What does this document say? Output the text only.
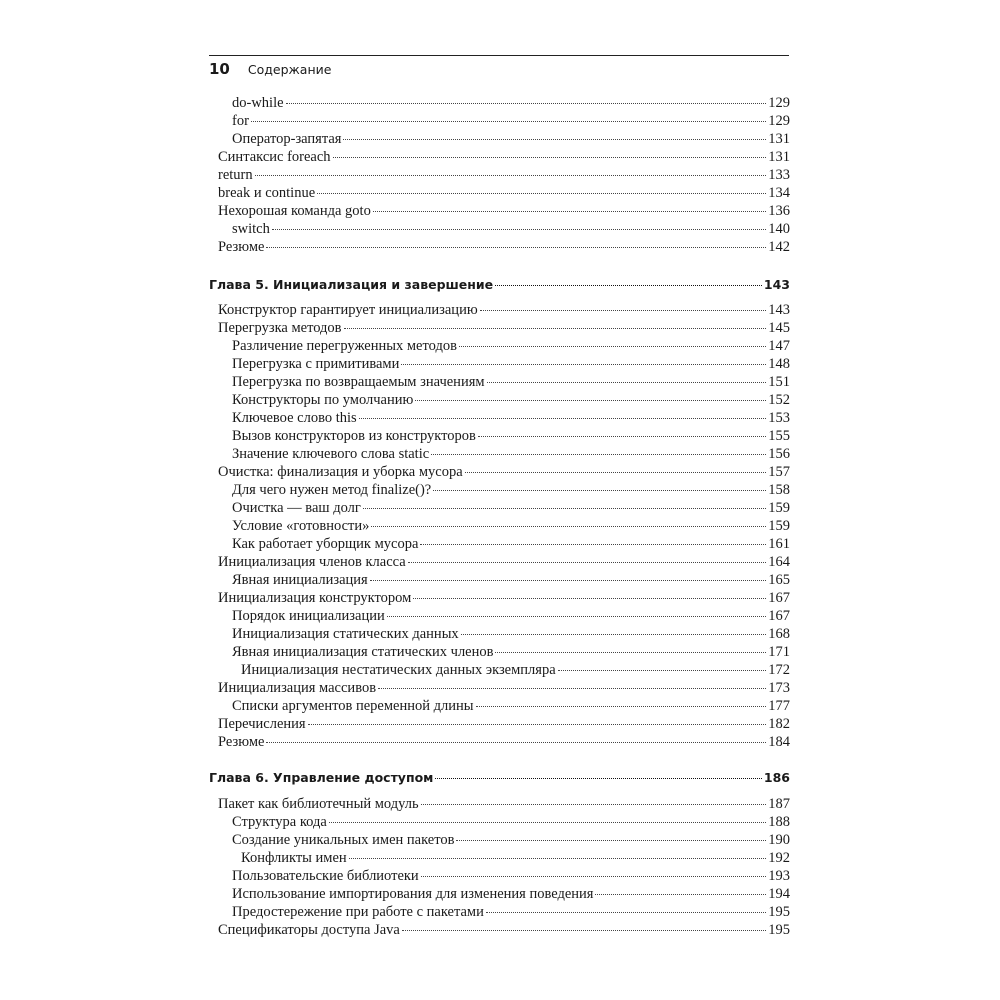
10 Содержание
do-while	129
for	129
Оператор-запятая	131
Синтаксис foreach	131
return	133
break и continue	134
Нехорошая команда goto	136
switch	140
Резюме	142
Глава 5. Инициализация и завершение	143
Конструктор гарантирует инициализацию	143
Перегрузка методов	145
Различение перегруженных методов	147
Перегрузка с примитивами	148
Перегрузка по возвращаемым значениям	151
Конструкторы по умолчанию	152
Ключевое слово this	153
Вызов конструкторов из конструкторов	155
Значение ключевого слова static	156
Очистка: финализация и уборка мусора	157
Для чего нужен метод finalize()?	158
Очистка — ваш долг	159
Условие «готовности»	159
Как работает уборщик мусора	161
Инициализация членов класса	164
Явная инициализация	165
Инициализация конструктором	167
Порядок инициализации	167
Инициализация статических данных	168
Явная инициализация статических членов	171
Инициализация нестатических данных экземпляра	172
Инициализация массивов	173
Списки аргументов переменной длины	177
Перечисления	182
Резюме	184
Глава 6. Управление доступом	186
Пакет как библиотечный модуль	187
Структура кода	188
Создание уникальных имен пакетов	190
Конфликты имен	192
Пользовательские библиотеки	193
Использование импортирования для изменения поведения	194
Предостережение при работе с пакетами	195
Спецификаторы доступа Java	195
